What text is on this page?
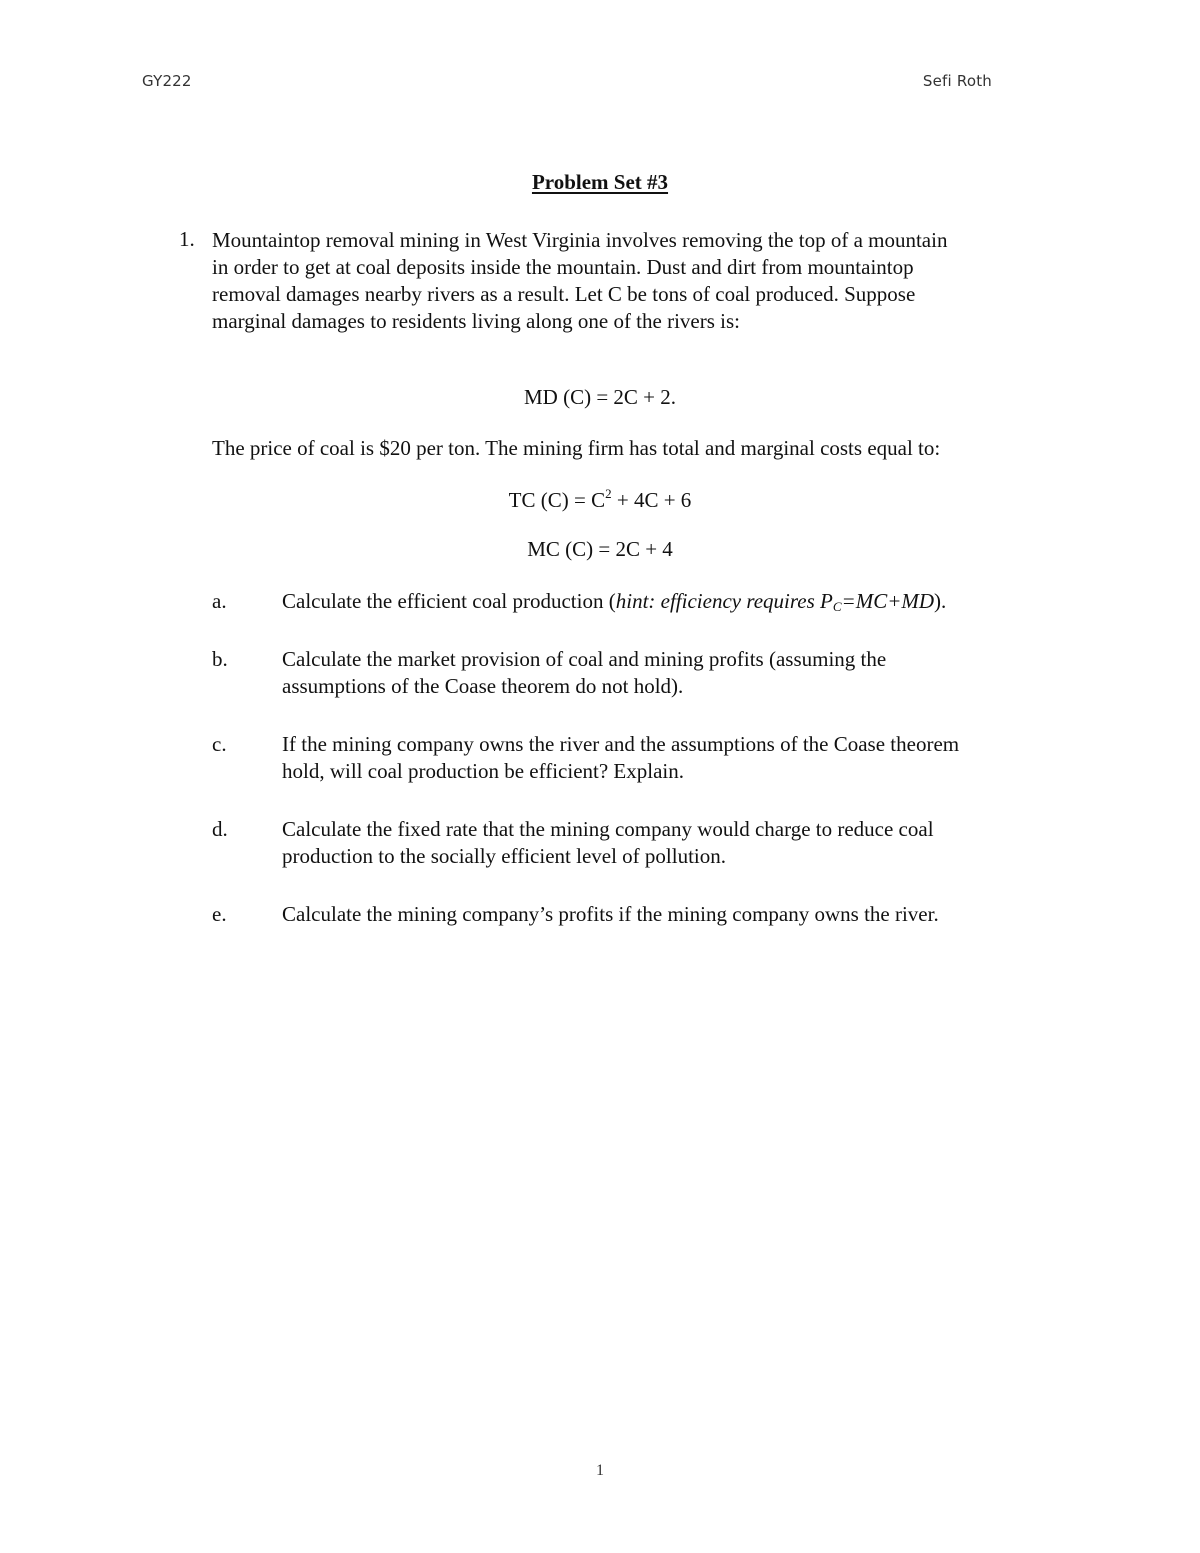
GY222	Sefi Roth
Problem Set #3
1. Mountaintop removal mining in West Virginia involves removing the top of a mountain
in order to get at coal deposits inside the mountain. Dust and dirt from mountaintop
removal damages nearby rivers as a result. Let C be tons of coal produced. Suppose
marginal damages to residents living along one of the rivers is:
MD (C) = 2C + 2.
The price of coal is $20 per ton. The mining firm has total and marginal costs equal to:
TC $(C) = C^2 + 4C + 6$
MC (C) = 2C + 4
a.	Calculate the efficient coal production (hint: efficiency requires $P_C=MC+MD$).
b.	Calculate the market provision of coal and mining profits (assuming the
assumptions of the Coase theorem do not hold).
c.	If the mining company owns the river and the assumptions of the Coase theorem
hold, will coal production be efficient? Explain.
d.	Calculate the fixed rate that the mining company would charge to reduce coal
production to the socially efficient level of pollution.
e.	Calculate the mining company’s profits if the mining company owns the river.
1
